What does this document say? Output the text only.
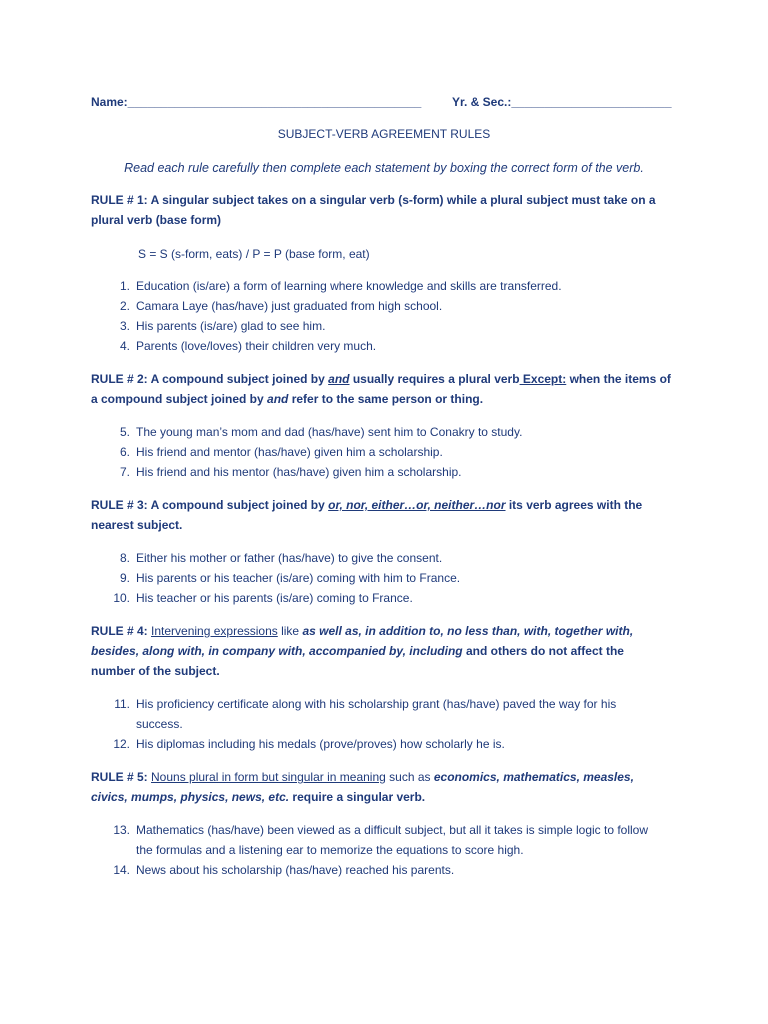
Name:____________________________________________	Yr. & Sec.:________________________
SUBJECT-VERB AGREEMENT RULES
Read each rule carefully then complete each statement by boxing the correct form of the verb.
RULE # 1: A singular subject takes on a singular verb (s-form) while a plural subject must take on a plural verb (base form)
S = S (s-form, eats) / P = P (base form, eat)
1. Education (is/are) a form of learning where knowledge and skills are transferred.
2. Camara Laye (has/have) just graduated from high school.
3. His parents (is/are) glad to see him.
4. Parents (love/loves) their children very much.
RULE # 2: A compound subject joined by and usually requires a plural verb Except: when the items of a compound subject joined by and refer to the same person or thing.
5. The young man’s mom and dad (has/have) sent him to Conakry to study.
6. His friend and mentor (has/have) given him a scholarship.
7. His friend and his mentor (has/have) given him a scholarship.
RULE # 3: A compound subject joined by or, nor, either…or, neither…nor its verb agrees with the nearest subject.
8. Either his mother or father (has/have) to give the consent.
9. His parents or his teacher (is/are) coming with him to France.
10. His teacher or his parents (is/are) coming to France.
RULE # 4: Intervening expressions like as well as, in addition to, no less than, with, together with, besides, along with, in company with, accompanied by, including and others do not affect the number of the subject.
11. His proficiency certificate along with his scholarship grant (has/have) paved the way for his success.
12. His diplomas including his medals (prove/proves) how scholarly he is.
RULE # 5: Nouns plural in form but singular in meaning such as economics, mathematics, measles, civics, mumps, physics, news, etc. require a singular verb.
13. Mathematics (has/have) been viewed as a difficult subject, but all it takes is simple logic to follow the formulas and a listening ear to memorize the equations to score high.
14. News about his scholarship (has/have) reached his parents.
